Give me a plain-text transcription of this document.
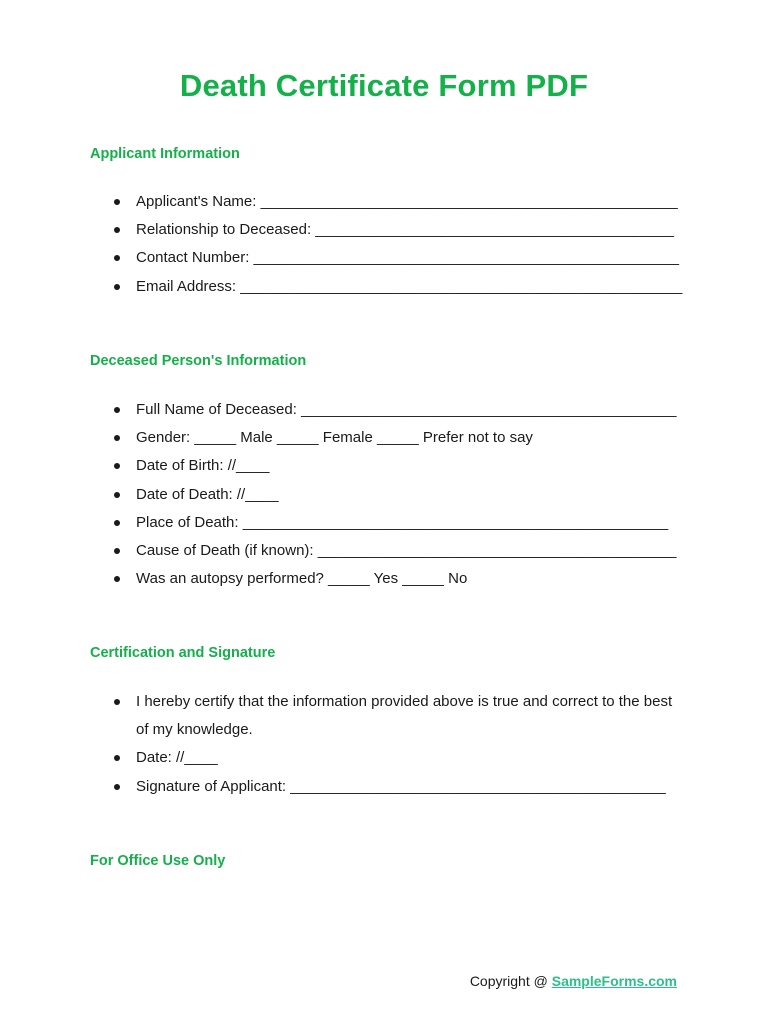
Death Certificate Form PDF
Applicant Information
Applicant's Name: __________________________________________________
Relationship to Deceased: ___________________________________________
Contact Number: ___________________________________________________
Email Address: _____________________________________________________
Deceased Person's Information
Full Name of Deceased: _____________________________________________
Gender: _____ Male _____ Female _____ Prefer not to say
Date of Birth: //____
Date of Death: //____
Place of Death: ___________________________________________________
Cause of Death (if known): ___________________________________________
Was an autopsy performed? _____ Yes _____ No
Certification and Signature
I hereby certify that the information provided above is true and correct to the best of my knowledge.
Date: //____
Signature of Applicant: _____________________________________________
For Office Use Only
Copyright @ SampleForms.com
